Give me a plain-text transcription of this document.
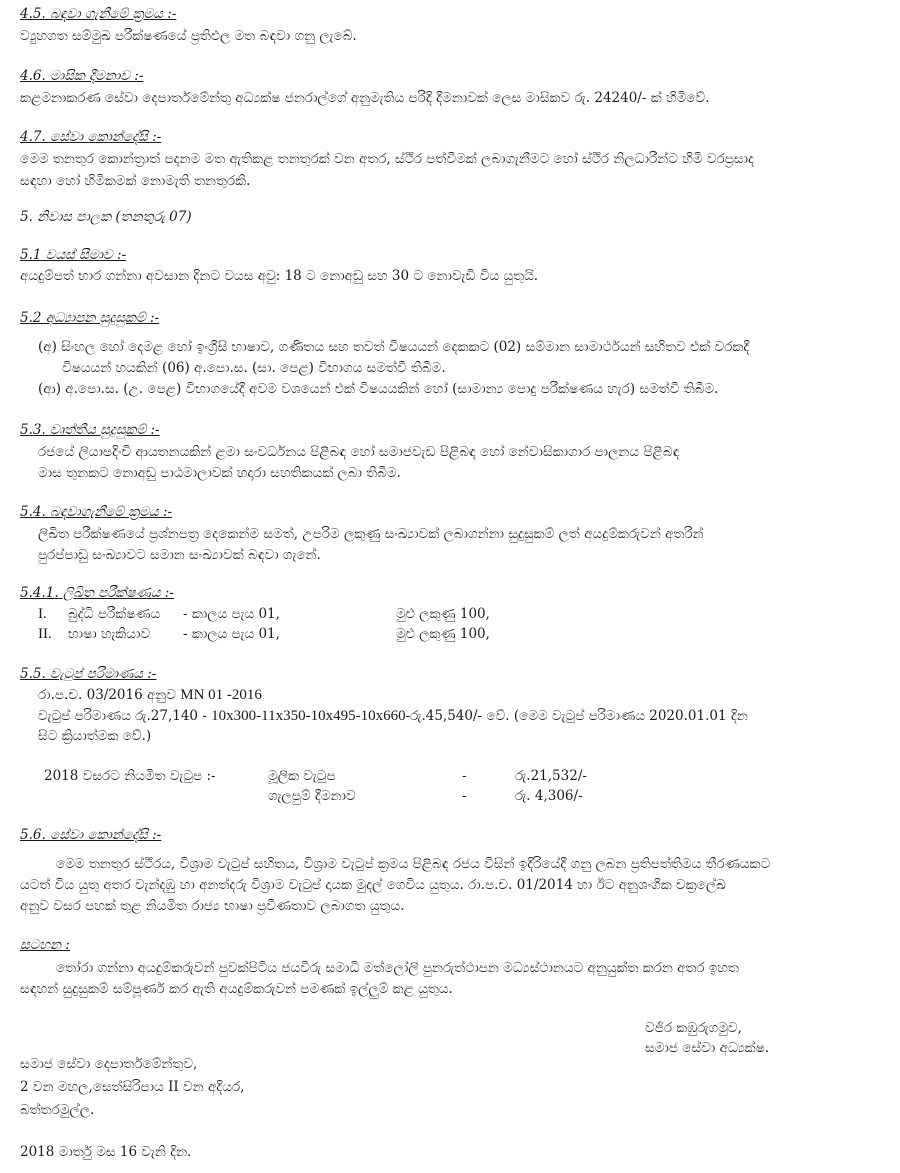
4.5. බඳවා ගැනීමේ ක්‍රමය :-
ව්‍යුහගත සම්මුඛ පරීක්ෂණයේ ප්‍රතිඵල මත බඳවා ගනු ලැබේ.
4.6. මාසික දීමනාව :-
කළමනාකරණ සේවා දෙපාර්තමේන්තු අධ්‍යක්ෂ ජනරාල්ගේ අනුමැතිය පරිදි දීමනාවක් ලෙස මාසිකව රු. 24240/- ක් හිමිවේ.
4.7. සේවා කොන්දේසි :-
මෙම තනතුර කොන්ත්‍රාත් පදනම මත ඇතිකළ තනතුරක් වන අතර, ස්ථිර පත්වීමක් ලබාගැනීමට හෝ ස්ථිර නිලධාරීන්ට හිමි වරප්‍රසාද
සඳහා හෝ හිමිකමක් නොමැති තනතුරකි.
5. නිවාස පාලක (තනතුරු 07)
5.1 වයස් සීමාව :-
අයදුම්පත් භාර ගන්නා අවසාන දිනට වයස අවු: 18 ට නොඅඩු සහ 30 ට නොවැඩි විය යුතුයි.
5.2 අධ්‍යාපන සුදුසුකම් :-
(අ) සිංහල හෝ දෙමළ හෝ ඉංග්‍රීසි භාෂාව, ගණිතය සහ තවත් විෂයයන් දෙකකට (02) සම්මාන සාමාර්ථයන් සහිතව එක් වරකදී
විෂයයන් හයකින් (06) අ.පො.ස. (සා. පෙළ) විභාගය සමත්වී තිබීම.
(ආ) අ.පො.ස. (උ. පෙළ) විභාගයේදී අවම වශයෙන් එක් විෂයයකින් හෝ (සාමාන්‍ය පොදු පරීක්ෂණය හැර) සමත්වී තිබීම.
5.3. වෘත්තීය සුදුසුකම් :-
රජයේ ලියාපදිංචි ආයතනයකින් ළමා සංවර්ධනය පිළිබඳ හෝ සමාජවැඩ පිළිබඳ හෝ නේවාසිකාගාර පාලනය පිළිබඳ
මාස තුනකට නොඅඩු පාඨමාලාවක් හදාරා සහතිකයක් ලබා තිබීම.
5.4. බඳවාගැනීමේ ක්‍රමය :-
ලිඛිත පරීක්ෂණයේ ප්‍රශ්නපත්‍ර දෙකෙන්ම සමත්, උපරිම ලකුණු සංඛ්‍යාවක් ලබාගන්නා සුදුසුකම් ලත් අයදුම්කරුවන් අතරින්
පුරප්පාඩු සංඛ්‍යාවට සමාන සංඛ්‍යාවක් බඳවා ගැනේ.
5.4.1. ලිඛිත පරීක්ෂණය :-
I. බුද්ධි පරීක්ෂණය - කාලය පැය 01,	මුළු ලකුණු 100,
II. භාෂා හැකියාව - කාලය පැය 01,	මුළු ලකුණු 100,
5.5. වැටුප් පරිමාණය :-
රා.ප.ච. 03/2016 අනුව MN 01 -2016
වැටුප් පරිමාණය රු.27,140 - 10x300-11x350-10x495-10x660-රු.45,540/- වේ. (මෙම වැටුප් පරිමාණය 2020.01.01 දින
සිට ක්‍රියාත්මක වේ.)
2018 වසරට නියමිත වැටුප :-	මූලික වැටුප	-	රු.21,532/-
ගැලපුම් දීමනාව	-	රු. 4,306/-
5.6. සේවා කොන්දේසි :-
මෙම තනතුර ස්ථිරය, විශ්‍රාම වැටුප් සහිතය, විශ්‍රාම වැටුප් ක්‍රමය පිළිබඳ රජය විසින් ඉදිරියේදී ගනු ලබන ප්‍රතිපත්තිමය තීරණයකට
යටත් විය යුතු අතර වැන්දඹු හා අනත්දරු විශ්‍රාම වැටුප් දායක මුදල් ගෙවිය යුතුය. රා.ප.ච. 01/2014 හා ඊට අනුශංගික චක්‍රලේඛ
අනුව වසර පහක් තුළ නියමිත රාජ්‍ය භාෂා ප්‍රවීණතාව ලබාගත යුතුය.
සටහන :
තෝරා ගන්නා අයදුම්කරුවන් පුවක්පිටිය ජයවිරු සමාධි මත්ලෝලි පුනරුත්ථාපන මධ්‍යස්ථානයට අනුයුක්ත කරන අතර ඉහත
සඳහන් සුදුසුකම් සම්පූර්ණ කර ඇති අයදුම්කරුවන් පමණක් ඉල්ලුම් කළ යුතුය.
වජිර කඹුරුගමුව,
සමාජ සේවා අධ්‍යක්ෂ.
සමාජ සේවා දෙපාර්තමේන්තුව,
2 වන මහල,සෙත්සිරිපාය II වන අදියර,
බත්තරමුල්ල.
2018 මාර්තු මස 16 වැනි දින.
